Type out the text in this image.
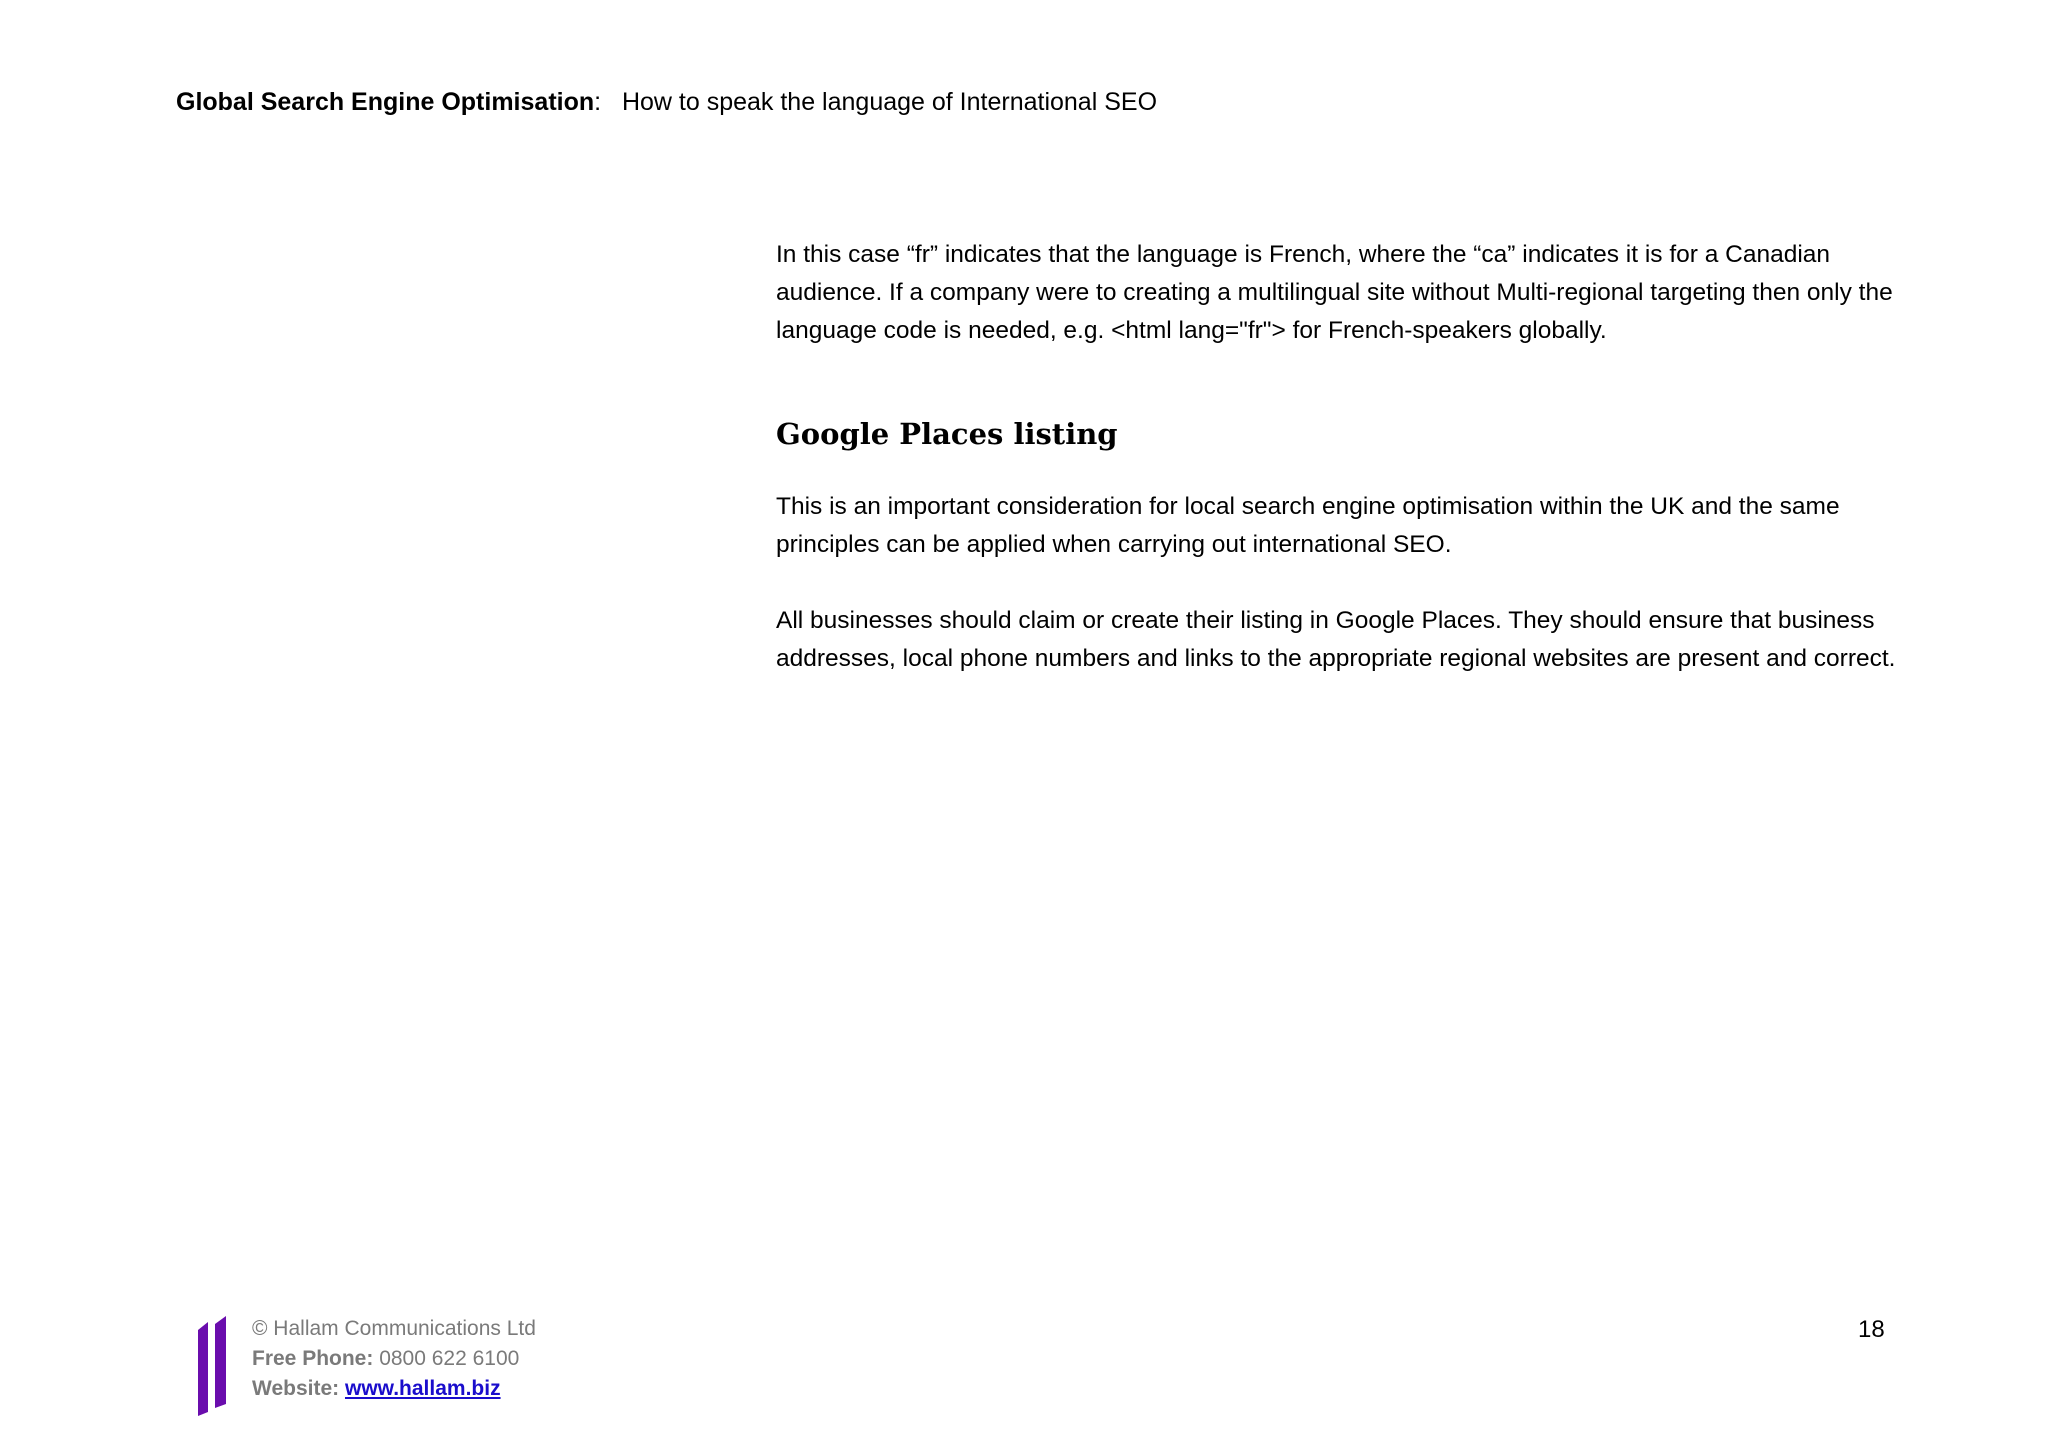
Global Search Engine Optimisation: How to speak the language of International SEO

In this case “fr” indicates that the language is French, where the “ca” indicates it is for a Canadian audience. If a company were to creating a multilingual site without Multi-regional targeting then only the language code is needed, e.g. <html lang="fr"> for French-speakers globally.

Google Places listing

This is an important consideration for local search engine optimisation within the UK and the same principles can be applied when carrying out international SEO.

All businesses should claim or create their listing in Google Places. They should ensure that business addresses, local phone numbers and links to the appropriate regional websites are present and correct.

© Hallam Communications Ltd
Free Phone: 0800 622 6100
Website: www.hallam.biz
18
